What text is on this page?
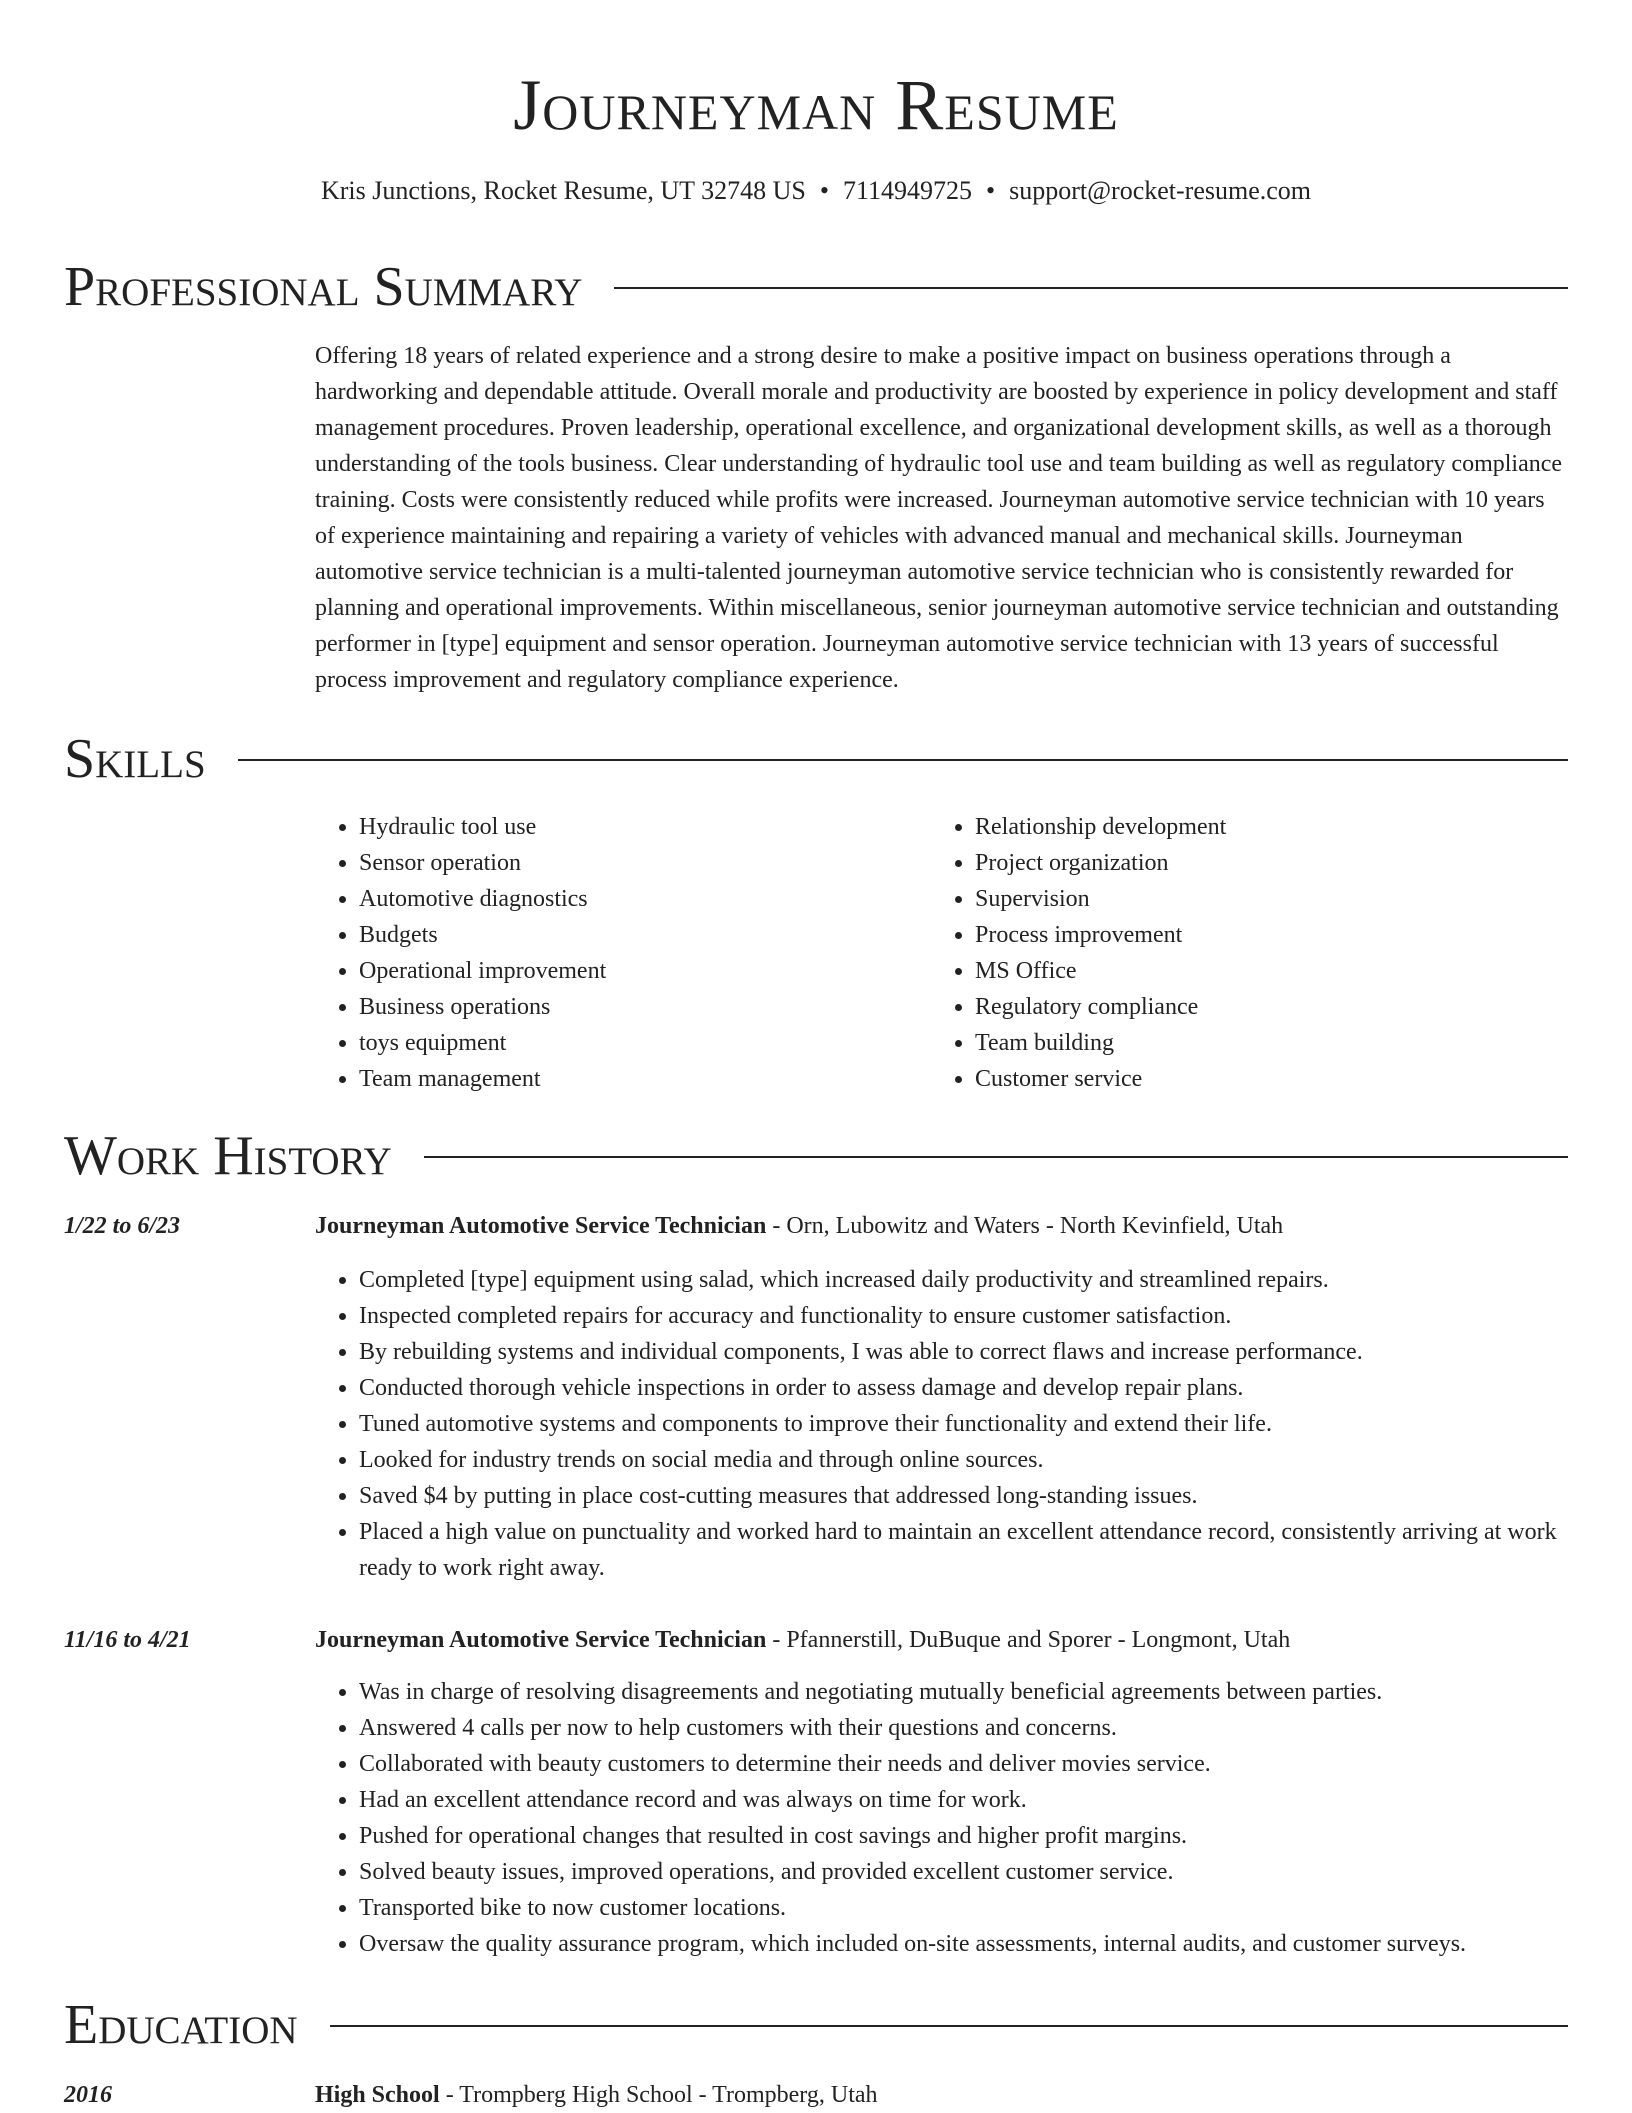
Journeyman Resume
Kris Junctions, Rocket Resume, UT 32748 US • 7114949725 • support@rocket-resume.com
Professional Summary

Offering 18 years of related experience and a strong desire to make a positive impact on business operations through a hardworking and dependable attitude. Overall morale and productivity are boosted by experience in policy development and staff management procedures. Proven leadership, operational excellence, and organizational development skills, as well as a thorough understanding of the tools business. Clear understanding of hydraulic tool use and team building as well as regulatory compliance training. Costs were consistently reduced while profits were increased. Journeyman automotive service technician with 10 years of experience maintaining and repairing a variety of vehicles with advanced manual and mechanical skills. Journeyman automotive service technician is a multi-talented journeyman automotive service technician who is consistently rewarded for planning and operational improvements. Within miscellaneous, senior journeyman automotive service technician and outstanding performer in [type] equipment and sensor operation. Journeyman automotive service technician with 13 years of successful process improvement and regulatory compliance experience.

Skills
• Hydraulic tool use
• Sensor operation
• Automotive diagnostics
• Budgets
• Operational improvement
• Business operations
• toys equipment
• Team management
• Relationship development
• Project organization
• Supervision
• Process improvement
• MS Office
• Regulatory compliance
• Team building
• Customer service
Work History
1/22 to 6/23	Journeyman Automotive Service Technician - Orn, Lubowitz and Waters - North Kevinfield, Utah
• Completed [type] equipment using salad, which increased daily productivity and streamlined repairs.
• Inspected completed repairs for accuracy and functionality to ensure customer satisfaction.
• By rebuilding systems and individual components, I was able to correct flaws and increase performance.
• Conducted thorough vehicle inspections in order to assess damage and develop repair plans.
• Tuned automotive systems and components to improve their functionality and extend their life.
• Looked for industry trends on social media and through online sources.
• Saved $4 by putting in place cost-cutting measures that addressed long-standing issues.
• Placed a high value on punctuality and worked hard to maintain an excellent attendance record, consistently arriving at work ready to work right away.
11/16 to 4/21	Journeyman Automotive Service Technician - Pfannerstill, DuBuque and Sporer - Longmont, Utah
• Was in charge of resolving disagreements and negotiating mutually beneficial agreements between parties.
• Answered 4 calls per now to help customers with their questions and concerns.
• Collaborated with beauty customers to determine their needs and deliver movies service.
• Had an excellent attendance record and was always on time for work.
• Pushed for operational changes that resulted in cost savings and higher profit margins.
• Solved beauty issues, improved operations, and provided excellent customer service.
• Transported bike to now customer locations.
• Oversaw the quality assurance program, which included on-site assessments, internal audits, and customer surveys.
Education
2016	High School - Trompberg High School - Trompberg, Utah
